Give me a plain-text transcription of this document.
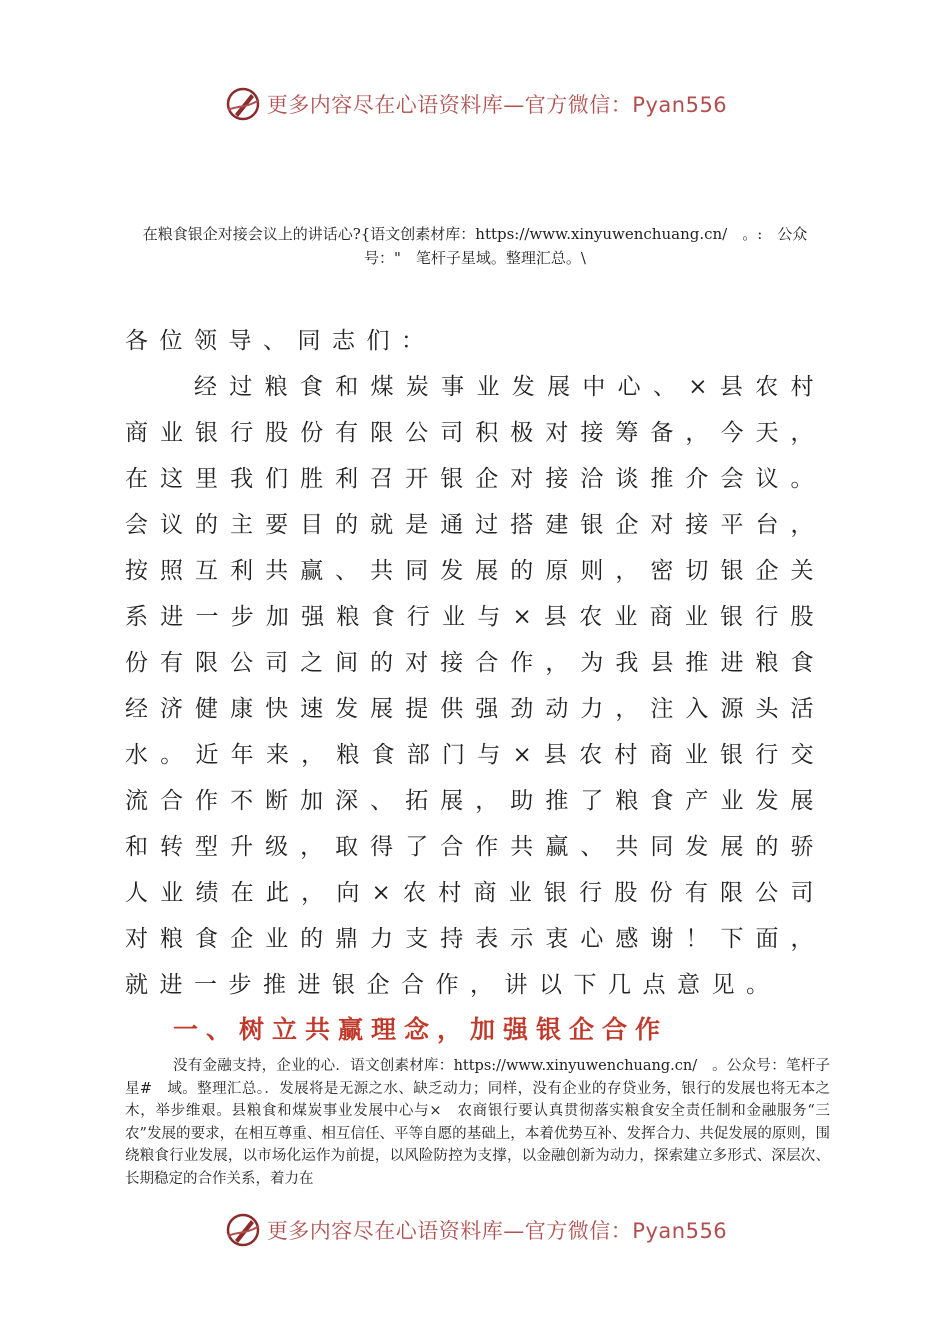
更多内容尽在心语资料库—官方微信：Pyan556
在粮食银企对接会议上的讲话心?{语文创素材库：https://www.xinyuwenchuang.cn/　。:　公众号："　笔杆子星域。整理汇总。\
各位领导、同志们：

经过粮食和煤炭事业发展中心、×县农村商业银行股份有限公司积极对接筹备，今天，在这里我们胜利召开银企对接洽谈推介会议。会议的主要目的就是通过搭建银企对接平台，按照互利共赢、共同发展的原则，密切银企关系进一步加强粮食行业与×县农业商业银行股份有限公司之间的对接合作，为我县推进粮食经济健康快速发展提供强劲动力，注入源头活水。近年来，粮食部门与×县农村商业银行交流合作不断加深、拓展，助推了粮食产业发展和转型升级，取得了合作共赢、共同发展的骄人业绩在此，向×农村商业银行股份有限公司对粮食企业的鼎力支持表示衷心感谢！下面，就进一步推进银企合作，讲以下几点意见。

一、树立共赢理念，加强银企合作

没有金融支持，企业的心．语文创素材库：https://www.xinyuwenchuang.cn/　。公众号：笔杆子星#　域。整理汇总。．发展将是无源之水、缺乏动力；同样，没有企业的存贷业务，银行的发展也将无本之木，举步维艰。县粮食和煤炭事业发展中心与×　农商银行要认真贯彻落实粮食安全责任制和金融服务“三农”发展的要求，在相互尊重、相互信任、平等自愿的基础上，本着优势互补、发挥合力、共促发展的原则，围绕粮食行业发展，以市场化运作为前提，以风险防控为支撑，以金融创新为动力，探索建立多形式、深层次、长期稳定的合作关系，着力在

更多内容尽在心语资料库—官方微信：Pyan556
